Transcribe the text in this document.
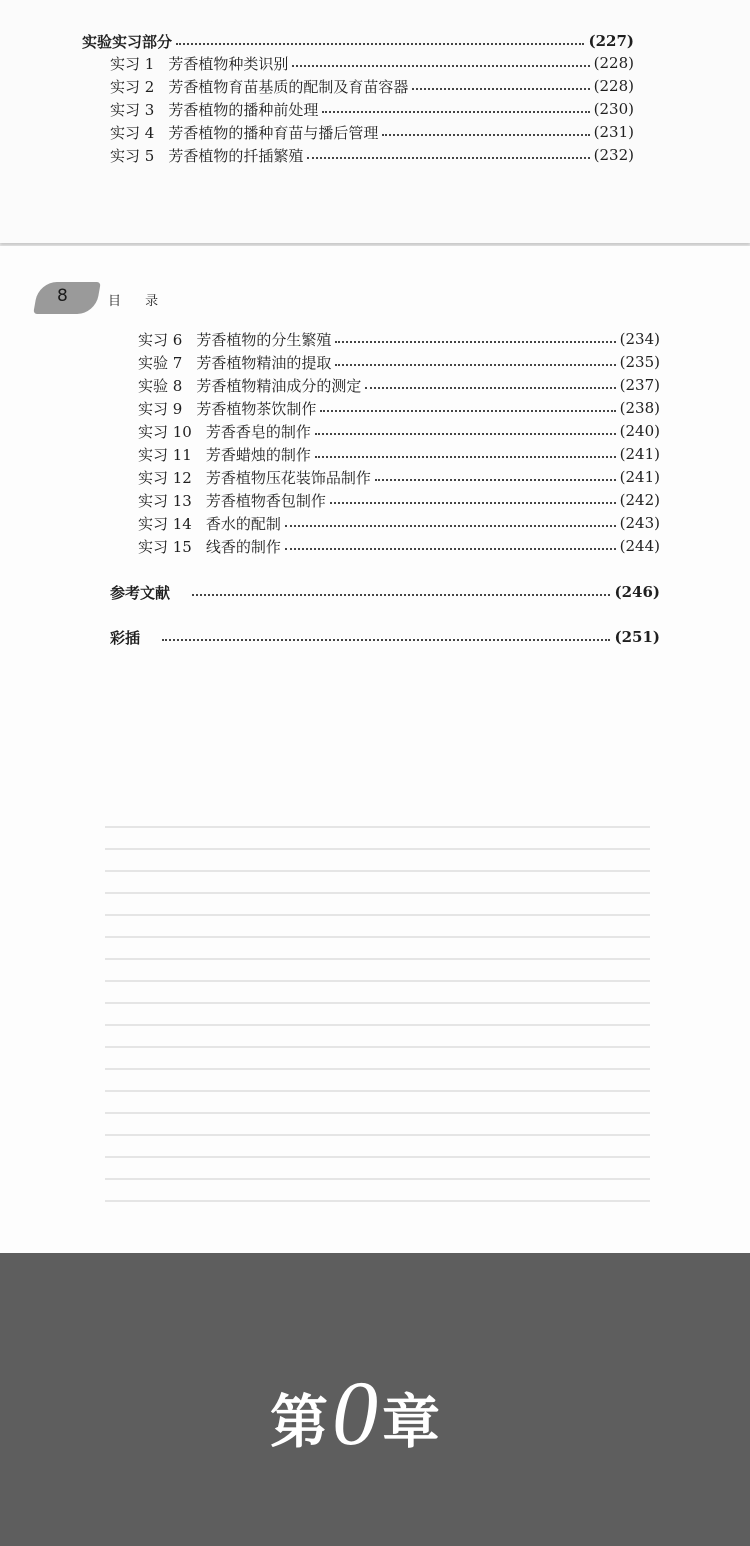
实验实习部分	(227)
实习 1 芳香植物种类识别	(228)
实习 2 芳香植物育苗基质的配制及育苗容器	(228)
实习 3 芳香植物的播种前处理	(230)
实习 4 芳香植物的播种育苗与播后管理	(231)
实习 5 芳香植物的扦插繁殖	(232)
8	目 录
实习 6 芳香植物的分生繁殖	(234)
实验 7 芳香植物精油的提取	(235)
实验 8 芳香植物精油成分的测定	(237)
实习 9 芳香植物茶饮制作	(238)
实习 10 芳香香皂的制作	(240)
实习 11 芳香蜡烛的制作	(241)
实习 12 芳香植物压花装饰品制作	(241)
实习 13 芳香植物香包制作	(242)
实习 14 香水的配制	(243)
实习 15 线香的制作	(244)
参考文献	(246)
彩插	(251)
第 0 章
